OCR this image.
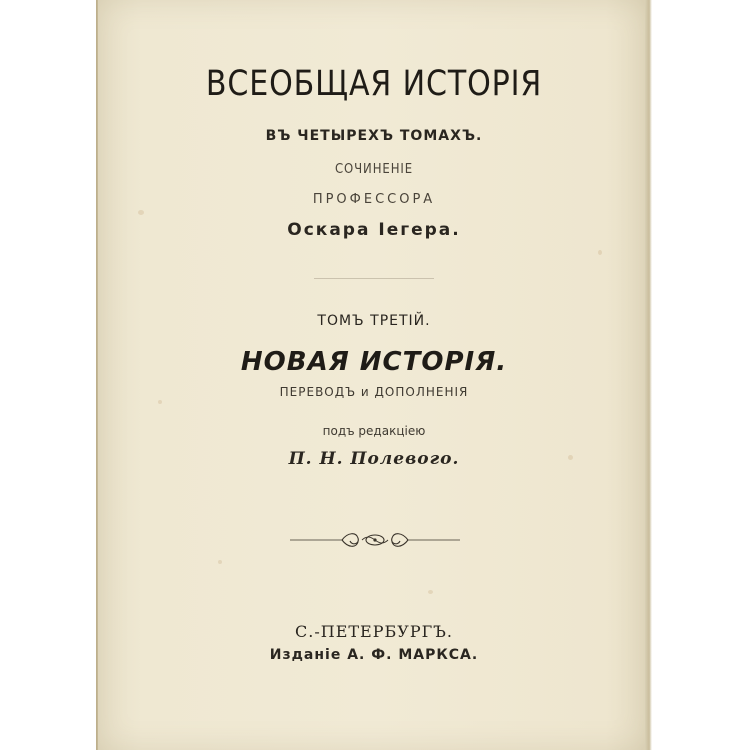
ВСЕОБЩАЯ ИСТОРІЯ
ВЪ ЧЕТЫРЕХЪ ТОМАХЪ.
СОЧИНЕНІЕ
ПРОФЕССОРА
Оскара Іегера.
ТОМЪ ТРЕТІЙ.
НОВАЯ ИСТОРІЯ.
ПЕРЕВОДЪ и ДОПОЛНЕНІЯ
подъ редакціею
П. Н. Полевого.
С.-ПЕТЕРБУРГЪ.
Изданіе А. Ф. МАРКСА.
